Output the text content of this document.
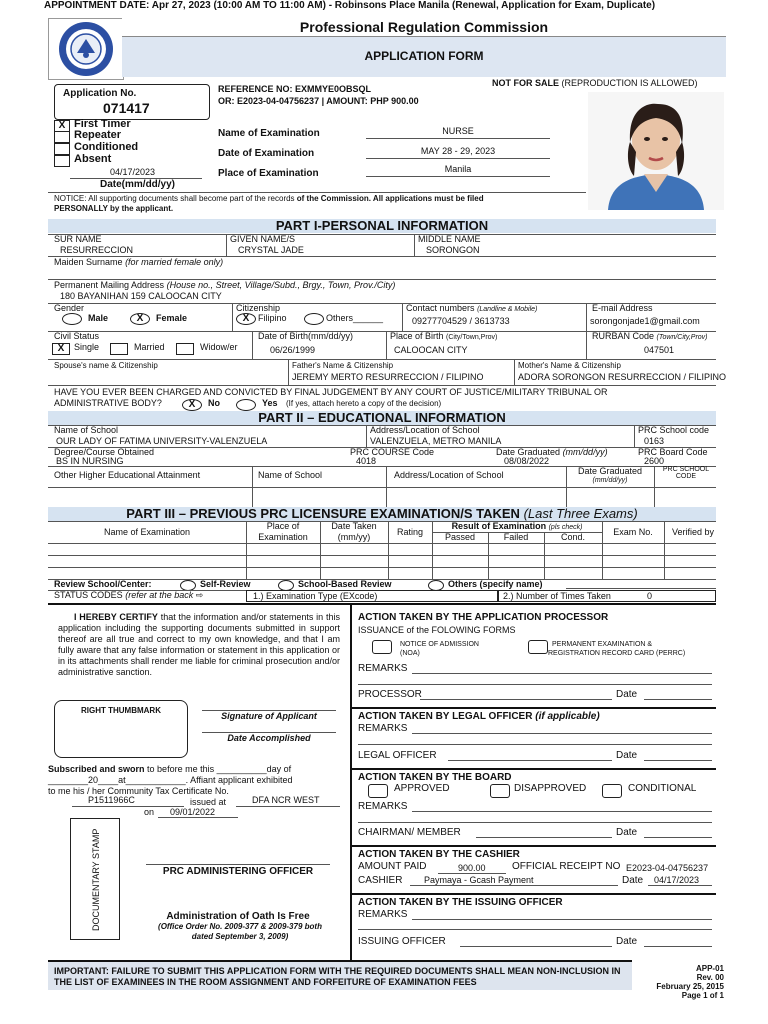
APPOINTMENT DATE: Apr 27, 2023 (10:00 AM TO 11:00 AM) - Robinsons Place Manila (Renewal, Application for Exam, Duplicate)
Professional Regulation Commission
APPLICATION FORM
Application No.
071417
REFERENCE NO: EXMMYE0OBSQL
OR: E2023-04-04756237 | AMOUNT: PHP 900.00
NOT FOR SALE (REPRODUCTION IS ALLOWED)
X First Timer
Repeater
Conditioned
Absent
04/17/2023
Date(mm/dd/yy)
Name of Examination	NURSE
Date of Examination	MAY 28 - 29, 2023
Place of Examination	Manila
NOTICE: All supporting documents shall become part of the records of the Commission. All applications must be filed PERSONALLY by the applicant.
PART I-PERSONAL INFORMATION
SUR NAME
RESURRECCION
GIVEN NAME/S
CRYSTAL JADE
MIDDLE NAME
SORONGON
Maiden Surname (for married female only)
Permanent Mailing Address (House no., Street, Village/Subd., Brgy., Town, Prov./City)
180 BAYANIHAN 159 CALOOCAN CITY
Gender
Male	X	Female
Citizenship
X Filipino	Others______
Contact numbers (Landline & Mobile)
09277704529 / 3613733
E-mail Address
sorongonjade1@gmail.com
Civil Status
X	Single	Married	Widow/er
Date of Birth(mm/dd/yy)
06/26/1999
Place of Birth (City/Town,Prov)
CALOOCAN CITY
RURBAN Code (Town/City,Prov)
047501
Spouse's name & Citizenship	Father's Name & Citizenship
JEREMY MERTO RESURRECCION / FILIPINO
Mother's Name & Citizenship
ADORA SORONGON RESURRECCION / FILIPINO
HAVE YOU EVER BEEN CHARGED AND CONVICTED BY FINAL JUDGEMENT BY ANY COURT OF JUSTICE/MILITARY TRIBUNAL OR
ADMINISTRATIVE BODY?	X	No	Yes (If yes, attach hereto a copy of the decision)
PART II – EDUCATIONAL INFORMATION
Name of School
OUR LADY OF FATIMA UNIVERSITY-VALENZUELA
Address/Location of School
VALENZUELA, METRO MANILA
PRC School code
0163
Degree/Course Obtained
BS IN NURSING
PRC COURSE Code
4018
Date Graduated (mm/dd/yy)
08/08/2022
PRC Board Code
2600
Other Higher Educational Attainment	Name of School	Address/Location of School	Date Graduated
(mm/dd/yy)
PRC SCHOOL CODE
PART III – PREVIOUS PRC LICENSURE EXAMINATION/S TAKEN (Last Three Exams)
Name of Examination
Place of Examination
Date Taken (mm/yy)	Rating
Result of Examination (pls check)
Passed	Failed	Cond.	Exam No.	Verified by
Review School/Center:	Self-Review	School-Based Review	Others (specify name)
STATUS CODES (refer at the back ⇨	1.) Examination Type (EXcode)	2.) Number of Times Taken	0
I HEREBY CERTIFY that the information and/or statements in this application including the supporting documents submitted in support thereof are all true and correct to my own knowledge, and that I am fully aware that any false information or statement in this application or in its attachments shall render me liable for criminal prosecution and/or administrative sanction.
RIGHT THUMBMARK
Signature of Applicant
Date Accomplished
Subscribed and sworn to before me this __________day of
________20____at____________. Affiant applicant exhibited
to me his / her Community Tax Certificate No.
P1511966C	issued at	DFA NCR WEST
on 09/01/2022
DOCUMENTARY STAMP	PRC ADMINISTERING OFFICER
Administration of Oath Is Free
(Office Order No. 2009-377 & 2009-379 both dated September 3, 2009)
ACTION TAKEN BY THE APPLICATION PROCESSOR
ISSUANCE of the FOLOWING FORMS
NOTICE OF ADMISSION
(NOA)
PERMANENT EXAMINATION &
REGISTRATION RECORD CARD (PERRC)
REMARKS
PROCESSOR	Date
ACTION TAKEN BY LEGAL OFFICER (if applicable)
REMARKS
LEGAL OFFICER	Date
ACTION TAKEN BY THE BOARD
APPROVED	DISAPPROVED	CONDITIONAL
REMARKS
CHAIRMAN/ MEMBER	Date
ACTION TAKEN BY THE CASHIER
AMOUNT PAID	900.00	OFFICIAL RECEIPT NO E2023-04-04756237
CASHIER Paymaya - Gcash Payment	Date 04/17/2023
ACTION TAKEN BY THE ISSUING OFFICER
REMARKS
ISSUING OFFICER	Date
IMPORTANT: FAILURE TO SUBMIT THIS APPLICATION FORM WITH THE REQUIRED DOCUMENTS SHALL MEAN NON-INCLUSION IN THE LIST OF EXAMINEES IN THE ROOM ASSIGNMENT AND FORFEITURE OF EXAMINATION FEES
APP-01
Rev. 00
February 25, 2015
Page 1 of 1
